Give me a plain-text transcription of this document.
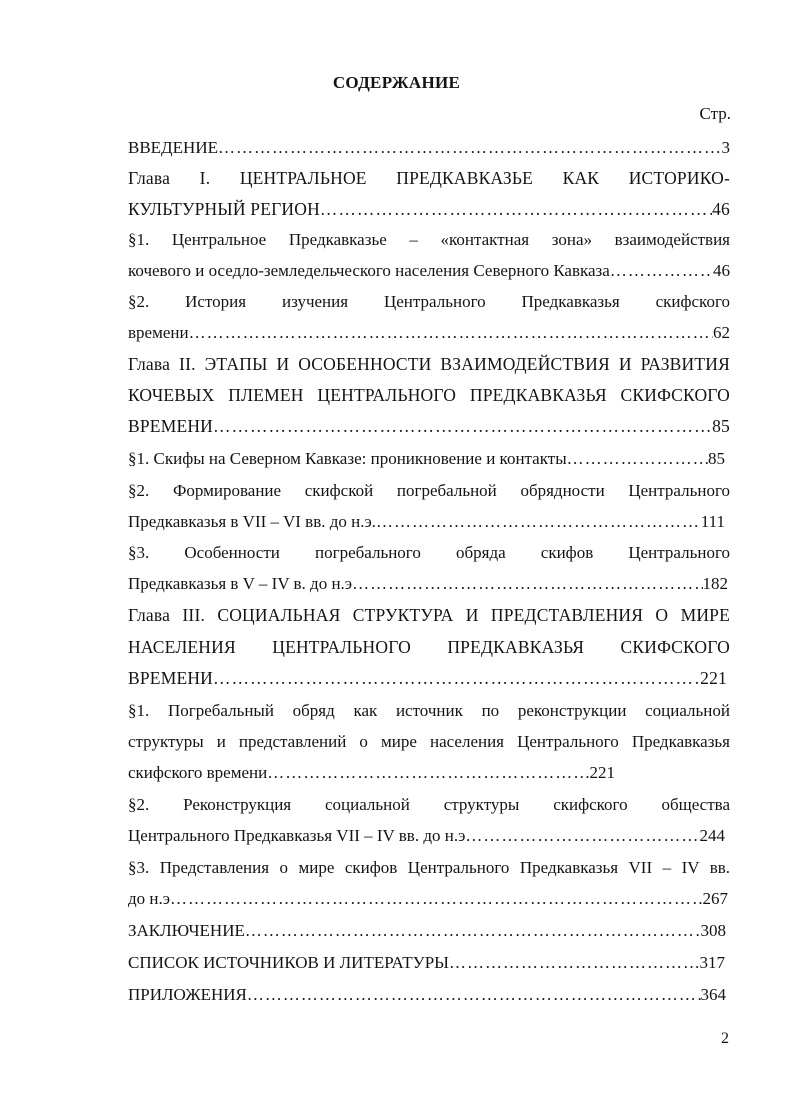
СОДЕРЖАНИЕ
Стр.
ВВЕДЕНИЕ ……………………………………………………………………………………………………………………………………………………………………………………	3
Глава I. ЦЕНТРАЛЬНОЕ ПРЕДКАВКАЗЬЕ КАК ИСТОРИКО-
КУЛЬТУРНЫЙ РЕГИОН ……………………………………………………………………………………………………………………………………………………………………………………	46
§1. Центральное Предкавказье – «контактная зона» взаимодействия
кочевого и оседло-земледельческого населения Северного Кавказа ……………………………………………………………………………………………………………………………………………………………………………………	46
§2. История изучения Центрального Предкавказья скифского
времени ……………………………………………………………………………………………………………………………………………………………………………………	62
Глава II. ЭТАПЫ И ОСОБЕННОСТИ ВЗАИМОДЕЙСТВИЯ И РАЗВИТИЯ
КОЧЕВЫХ ПЛЕМЕН ЦЕНТРАЛЬНОГО ПРЕДКАВКАЗЬЯ СКИФСКОГО
ВРЕМЕНИ ……………………………………………………………………………………………………………………………………………………………………………………	85
§1. Скифы на Северном Кавказе: проникновение и контакты ……………………………………………………………………………………………………………………………………………………………………………………	85
§2. Формирование скифской погребальной обрядности Центрального
Предкавказья в VII – VI вв. до н.э. ……………………………………………………………………………………………………………………………………………………………………………………	111
§3. Особенности погребального обряда скифов Центрального
Предкавказья в V – IV в. до н.э ……………………………………………………………………………………………………………………………………………………………………………………	182
Глава III. СОЦИАЛЬНАЯ СТРУКТУРА И ПРЕДСТАВЛЕНИЯ О МИРЕ
НАСЕЛЕНИЯ ЦЕНТРАЛЬНОГО ПРЕДКАВКАЗЬЯ СКИФСКОГО
ВРЕМЕНИ ……………………………………………………………………………………………………………………………………………………………………………………	221
§1. Погребальный обряд как источник по реконструкции социальной
структуры и представлений о мире населения Центрального Предкавказья
скифского времени ……………………………………………………………………………………………………………………………………………………………………………………	221
§2. Реконструкция социальной структуры скифского общества
Центрального Предкавказья VII – IV вв. до н.э ……………………………………………………………………………………………………………………………………………………………………………………	244
§3. Представления о мире скифов Центрального Предкавказья VII – IV вв.
до н.э ……………………………………………………………………………………………………………………………………………………………………………………	267
ЗАКЛЮЧЕНИЕ ……………………………………………………………………………………………………………………………………………………………………………………	308
СПИСОК ИСТОЧНИКОВ И ЛИТЕРАТУРЫ ……………………………………………………………………………………………………………………………………………………………………………………	317
ПРИЛОЖЕНИЯ ……………………………………………………………………………………………………………………………………………………………………………………	364
2
